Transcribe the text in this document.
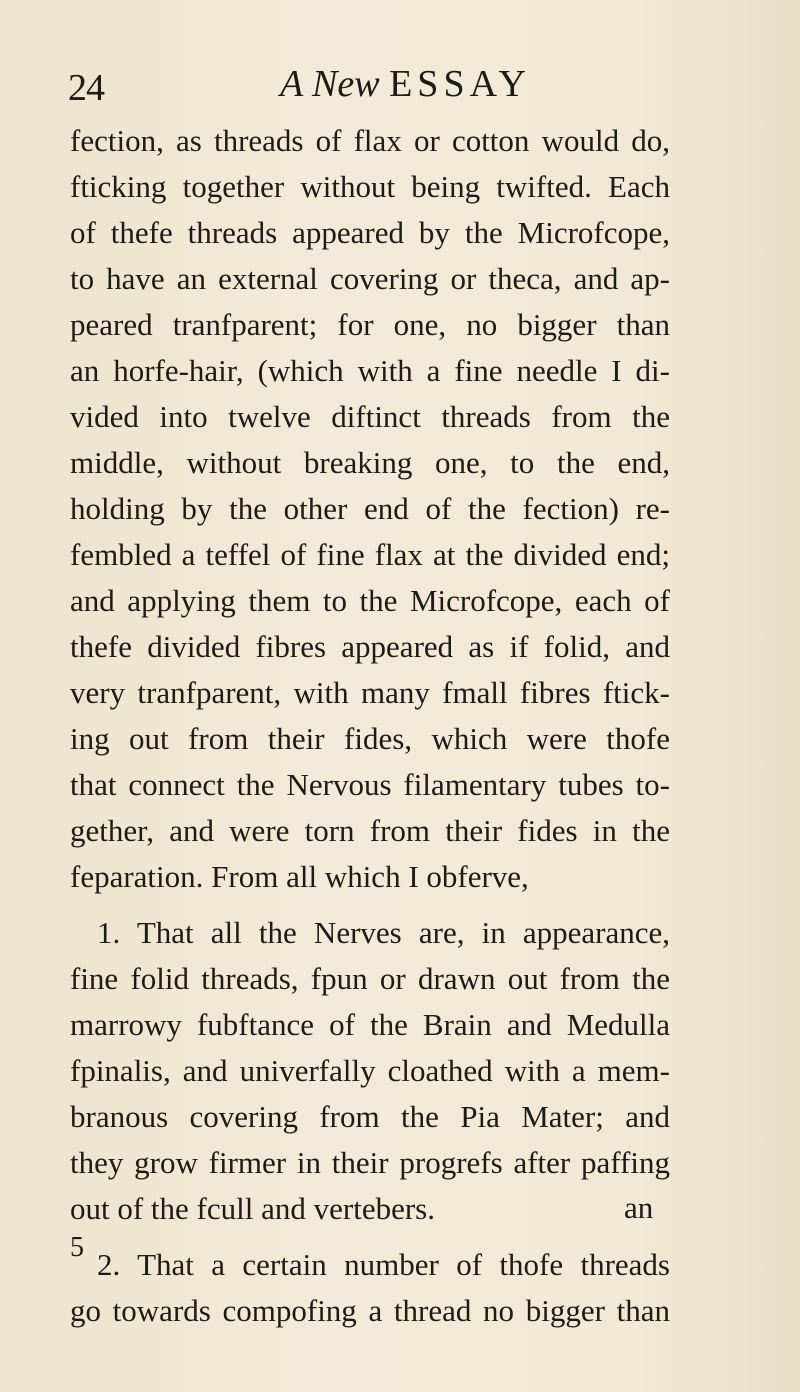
24	A New ESSAY
fection, as threads of flax or cotton would do,
fticking together without being twifted. Each
of thefe threads appeared by the Microfcope,
to have an external covering or theca, and ap-
peared tranfparent; for one, no bigger than
an horfe-hair, (which with a fine needle I di-
vided into twelve diftinct threads from the
middle, without breaking one, to the end,
holding by the other end of the fection) re-
fembled a teffel of fine flax at the divided end;
and applying them to the Microfcope, each of
thefe divided fibres appeared as if folid, and
very tranfparent, with many fmall fibres ftick-
ing out from their fides, which were thofe
that connect the Nervous filamentary tubes to-
gether, and were torn from their fides in the
feparation. From all which I obferve,
1. That all the Nerves are, in appearance,
fine folid threads, fpun or drawn out from the
marrowy fubftance of the Brain and Medulla
fpinalis, and univerfally cloathed with a mem-
branous covering from the Pia Mater; and
they grow firmer in their progrefs after paffing
out of the fcull and vertebers.
2. That a certain number of thofe threads
go towards compofing a thread no bigger than
an
5
